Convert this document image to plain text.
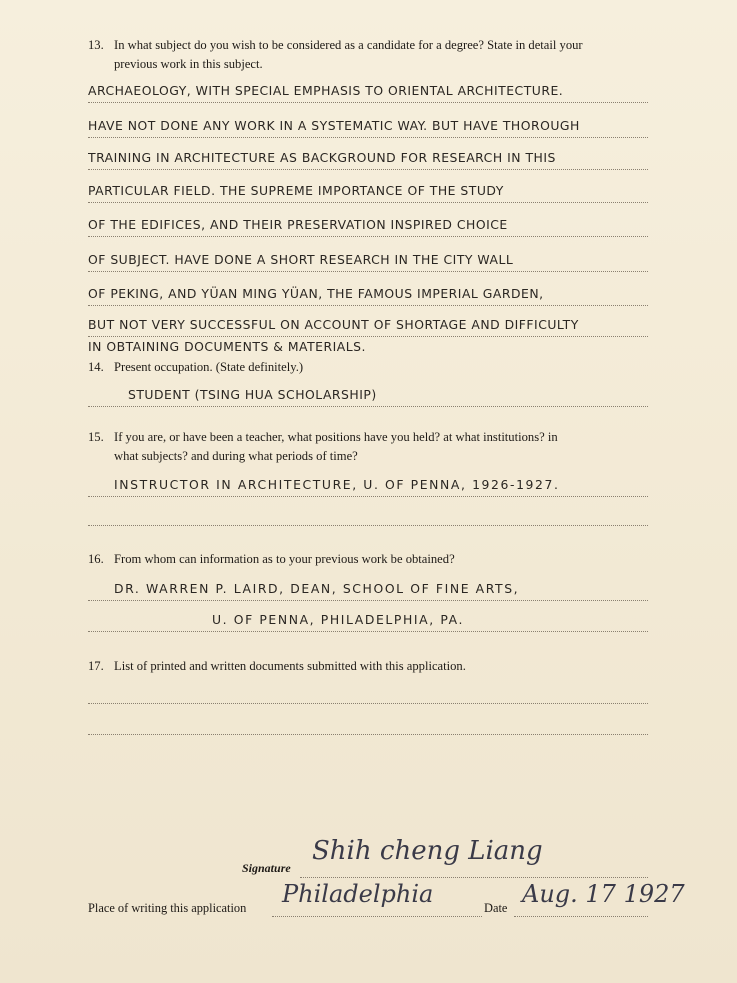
13. In what subject do you wish to be considered as a candidate for a degree? State in detail your
previous work in this subject.
ARCHAEOLOGY, WITH SPECIAL EMPHASIS TO ORIENTAL ARCHITECTURE.
HAVE NOT DONE ANY WORK IN A SYSTEMATIC WAY. BUT HAVE THOROUGH
TRAINING IN ARCHITECTURE AS BACKGROUND FOR RESEARCH IN THIS
PARTICULAR FIELD. THE SUPREME IMPORTANCE OF THE STUDY
OF THE EDIFICES, AND THEIR PRESERVATION INSPIRED CHOICE
OF SUBJECT. HAVE DONE A SHORT RESEARCH IN THE CITY WALL
OF PEKING, AND YÜAN MING YÜAN, THE FAMOUS IMPERIAL GARDEN,
BUT NOT VERY SUCCESSFUL ON ACCOUNT OF SHORTAGE AND DIFFICULTY
IN OBTAINING DOCUMENTS & MATERIALS.
14. Present occupation. (State definitely.)
STUDENT (TSING HUA SCHOLARSHIP)
15. If you are, or have been a teacher, what positions have you held? at what institutions? in
what subjects? and during what periods of time?
INSTRUCTOR IN ARCHITECTURE, U. OF PENNA, 1926-1927.
16. From whom can information as to your previous work be obtained?
DR. WARREN P. LAIRD, DEAN, SCHOOL OF FINE ARTS,
U. OF PENNA, PHILADELPHIA, PA.
17. List of printed and written documents submitted with this application.
Signature
Shih cheng Liang
Place of writing this application Philadelphia	Date Aug. 17 1927
